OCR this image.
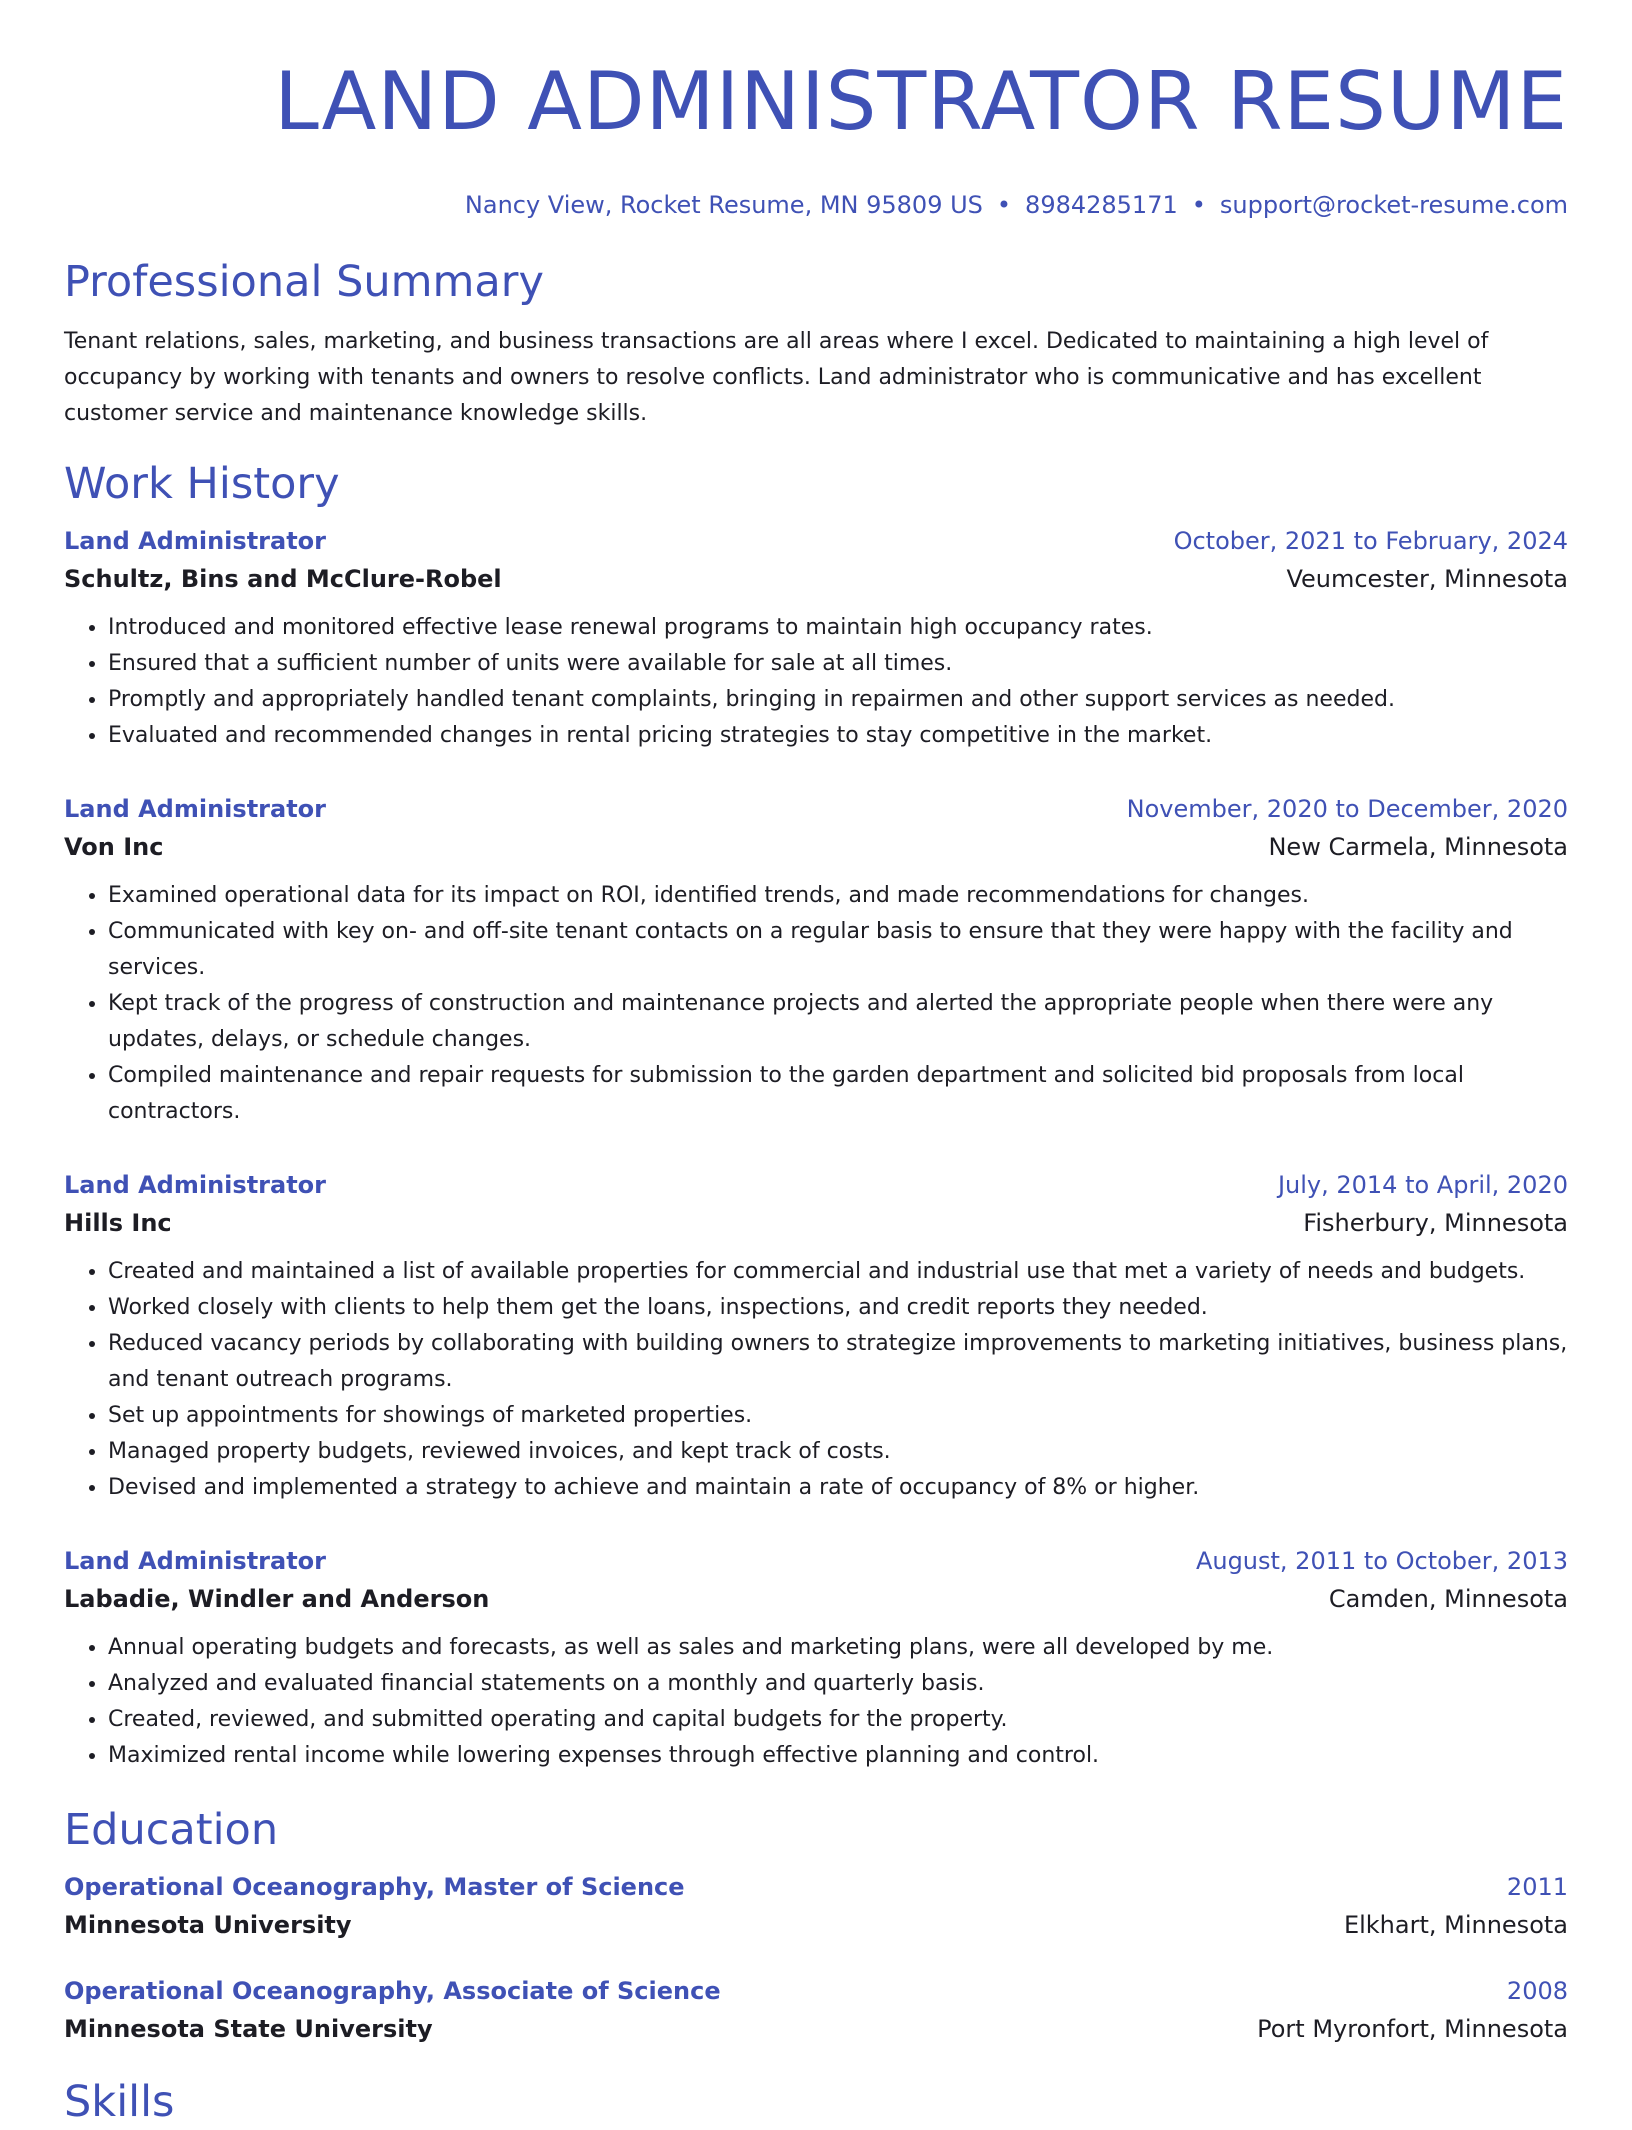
LAND ADMINISTRATOR RESUME
Nancy View, Rocket Resume, MN 95809 US • 8984285171 • support@rocket-resume.com
Professional Summary

Tenant relations, sales, marketing, and business transactions are all areas where I excel. Dedicated to maintaining a high level of occupancy by working with tenants and owners to resolve conflicts. Land administrator who is communicative and has excellent customer service and maintenance knowledge skills.

Work History
Land Administrator	October, 2021 to February, 2024
Schultz, Bins and McClure-Robel	Veumcester, Minnesota
• Introduced and monitored effective lease renewal programs to maintain high occupancy rates.
• Ensured that a sufficient number of units were available for sale at all times.
• Promptly and appropriately handled tenant complaints, bringing in repairmen and other support services as needed.
• Evaluated and recommended changes in rental pricing strategies to stay competitive in the market.
Land Administrator	November, 2020 to December, 2020
Von Inc	New Carmela, Minnesota
• Examined operational data for its impact on ROI, identified trends, and made recommendations for changes.
• Communicated with key on- and off-site tenant contacts on a regular basis to ensure that they were happy with the facility and services.
• Kept track of the progress of construction and maintenance projects and alerted the appropriate people when there were any updates, delays, or schedule changes.
• Compiled maintenance and repair requests for submission to the garden department and solicited bid proposals from local contractors.
Land Administrator	July, 2014 to April, 2020
Hills Inc	Fisherbury, Minnesota
• Created and maintained a list of available properties for commercial and industrial use that met a variety of needs and budgets.
• Worked closely with clients to help them get the loans, inspections, and credit reports they needed.
• Reduced vacancy periods by collaborating with building owners to strategize improvements to marketing initiatives, business plans, and tenant outreach programs.
• Set up appointments for showings of marketed properties.
• Managed property budgets, reviewed invoices, and kept track of costs.
• Devised and implemented a strategy to achieve and maintain a rate of occupancy of 8% or higher.
Land Administrator	August, 2011 to October, 2013
Labadie, Windler and Anderson	Camden, Minnesota
• Annual operating budgets and forecasts, as well as sales and marketing plans, were all developed by me.
• Analyzed and evaluated financial statements on a monthly and quarterly basis.
• Created, reviewed, and submitted operating and capital budgets for the property.
• Maximized rental income while lowering expenses through effective planning and control.
Education
Operational Oceanography, Master of Science	2011
Minnesota University	Elkhart, Minnesota
Operational Oceanography, Associate of Science	2008
Minnesota State University	Port Myronfort, Minnesota
Skills
